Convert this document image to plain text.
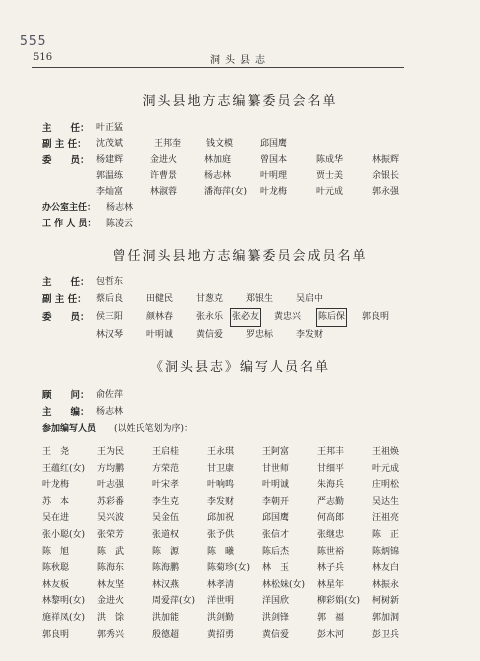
555
516	洞头县志
洞头县地方志编纂委员会名单
主　　任： 叶正猛
副 主 任： 沈茂斌	王邦奎	钱文模	邱国鹰
委　　员： 杨建辉	金进火	林加庭	曾国本	陈成华	林振辉
郭温练	许曹景	杨志林	叶明理	贾士美	余银长
李灿富	林淑蓉	潘海萍(女) 叶龙梅	叶元成	郭永强
办公室主任： 杨志林
工 作 人 员： 陈凌云
曾任洞头县地方志编纂委员会成员名单
主　　任： 包哲东
副 主 任： 蔡后良	田健民	甘葱克	郑银生	吴启中
委　　员： 侯三阳	颜林春	张永乐 张必友 黄忠兴 陈后保 郭良明
林汉琴	叶明诚	黄信爱	罗忠标	李发财
《洞头县志》编写人员名单
顾　　问： 俞佐萍
主　　编： 杨志林
参加编写人员 (以姓氏笔划为序)：
王　尧	王为民	王启桂	王永琪	王阿富	王邦丰	王祖焕
王蕴红(女) 方均鹏	方荣范	甘卫康	甘世师	甘细平	叶元成
叶龙梅	叶志强	叶宋孝	叶响鸣	叶明诚	朱海兵	庄明松
苏　本	苏彩番	李生克	李发财	李朝开	严志勤	吴达生
吴在进	吴兴波	吴金伍	邱加祝	邱国鹰	何高郎	汪祖亮
张小聪(女) 张荣芳	张道权	张予供	张信才	张继忠	陈　正
陈　旭	陈　武	陈　源	陈　曦	陈后杰	陈世裕	陈炳锦
陈秋聪	陈海东	陈海鹏	陈菊珍(女) 林　玉	林子兵	林友白
林友板	林友坚	林汉燕	林孝清	林松妹(女) 林星年	林振永
林黎明(女) 金进火	周爱萍(女) 洋世明	洋国欣	柳彩娟(女) 柯树新
施祥凤(女) 洪　馀	洪加能	洪剑勤	洪剑锋	郭　福	郭加洞
郭良明	郭秀兴	殷德超	黄招勇	黄信爱	彭木河	彭卫兵
